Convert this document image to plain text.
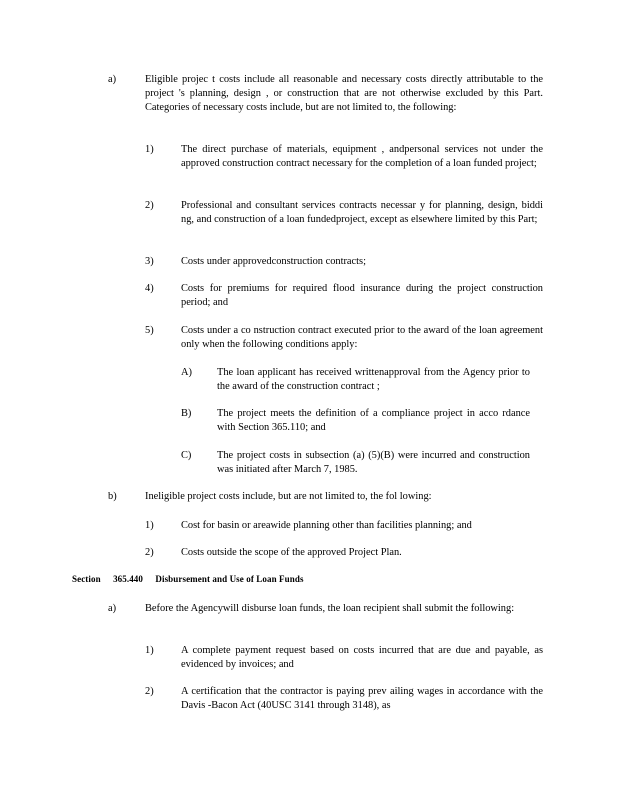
a)	Eligible projec t costs include all reasonable and necessary costs directly attributable to the project 's planning, design , or construction that are not otherwise excluded by this Part. Categories of necessary costs include, but are not limited to, the following:
1)	The direct purchase of materials, equipment , andpersonal services not under the approved construction contract necessary for the completion of a loan funded project;
2)	Professional and consultant services contracts necessar y for planning, design, biddi ng, and construction of a loan fundedproject, except as elsewhere limited by this Part;
3)	Costs under approvedconstruction contracts;
4)	Costs for premiums for required flood insurance during the project construction period; and
5)	Costs under a co nstruction contract executed prior to the award of the loan agreement only when the following conditions apply:
A) The loan applicant has received writtenapproval from the Agency prior to the award of the construction contract ;
B) The project meets the definition of a compliance project in acco rdance with Section 365.110; and
C) The project costs in subsection (a) (5)(B) were incurred and construction was initiated after March 7, 1985.
b)	Ineligible project costs include, but are not limited to, the fol lowing:
1)	Cost for basin or areawide planning other than facilities planning; and
2)	Costs outside the scope of the approved Project Plan.
Section 365.440 Disbursement and Use of Loan Funds
a)	Before the Agencywill disburse loan funds, the loan recipient shall submit the following:
1)	A complete payment request based on costs incurred that are due and payable, as evidenced by invoices; and
2)	A certification that the contractor is paying prev ailing wages in accordance with the Davis -Bacon Act (40USC 3141 through 3148), as
